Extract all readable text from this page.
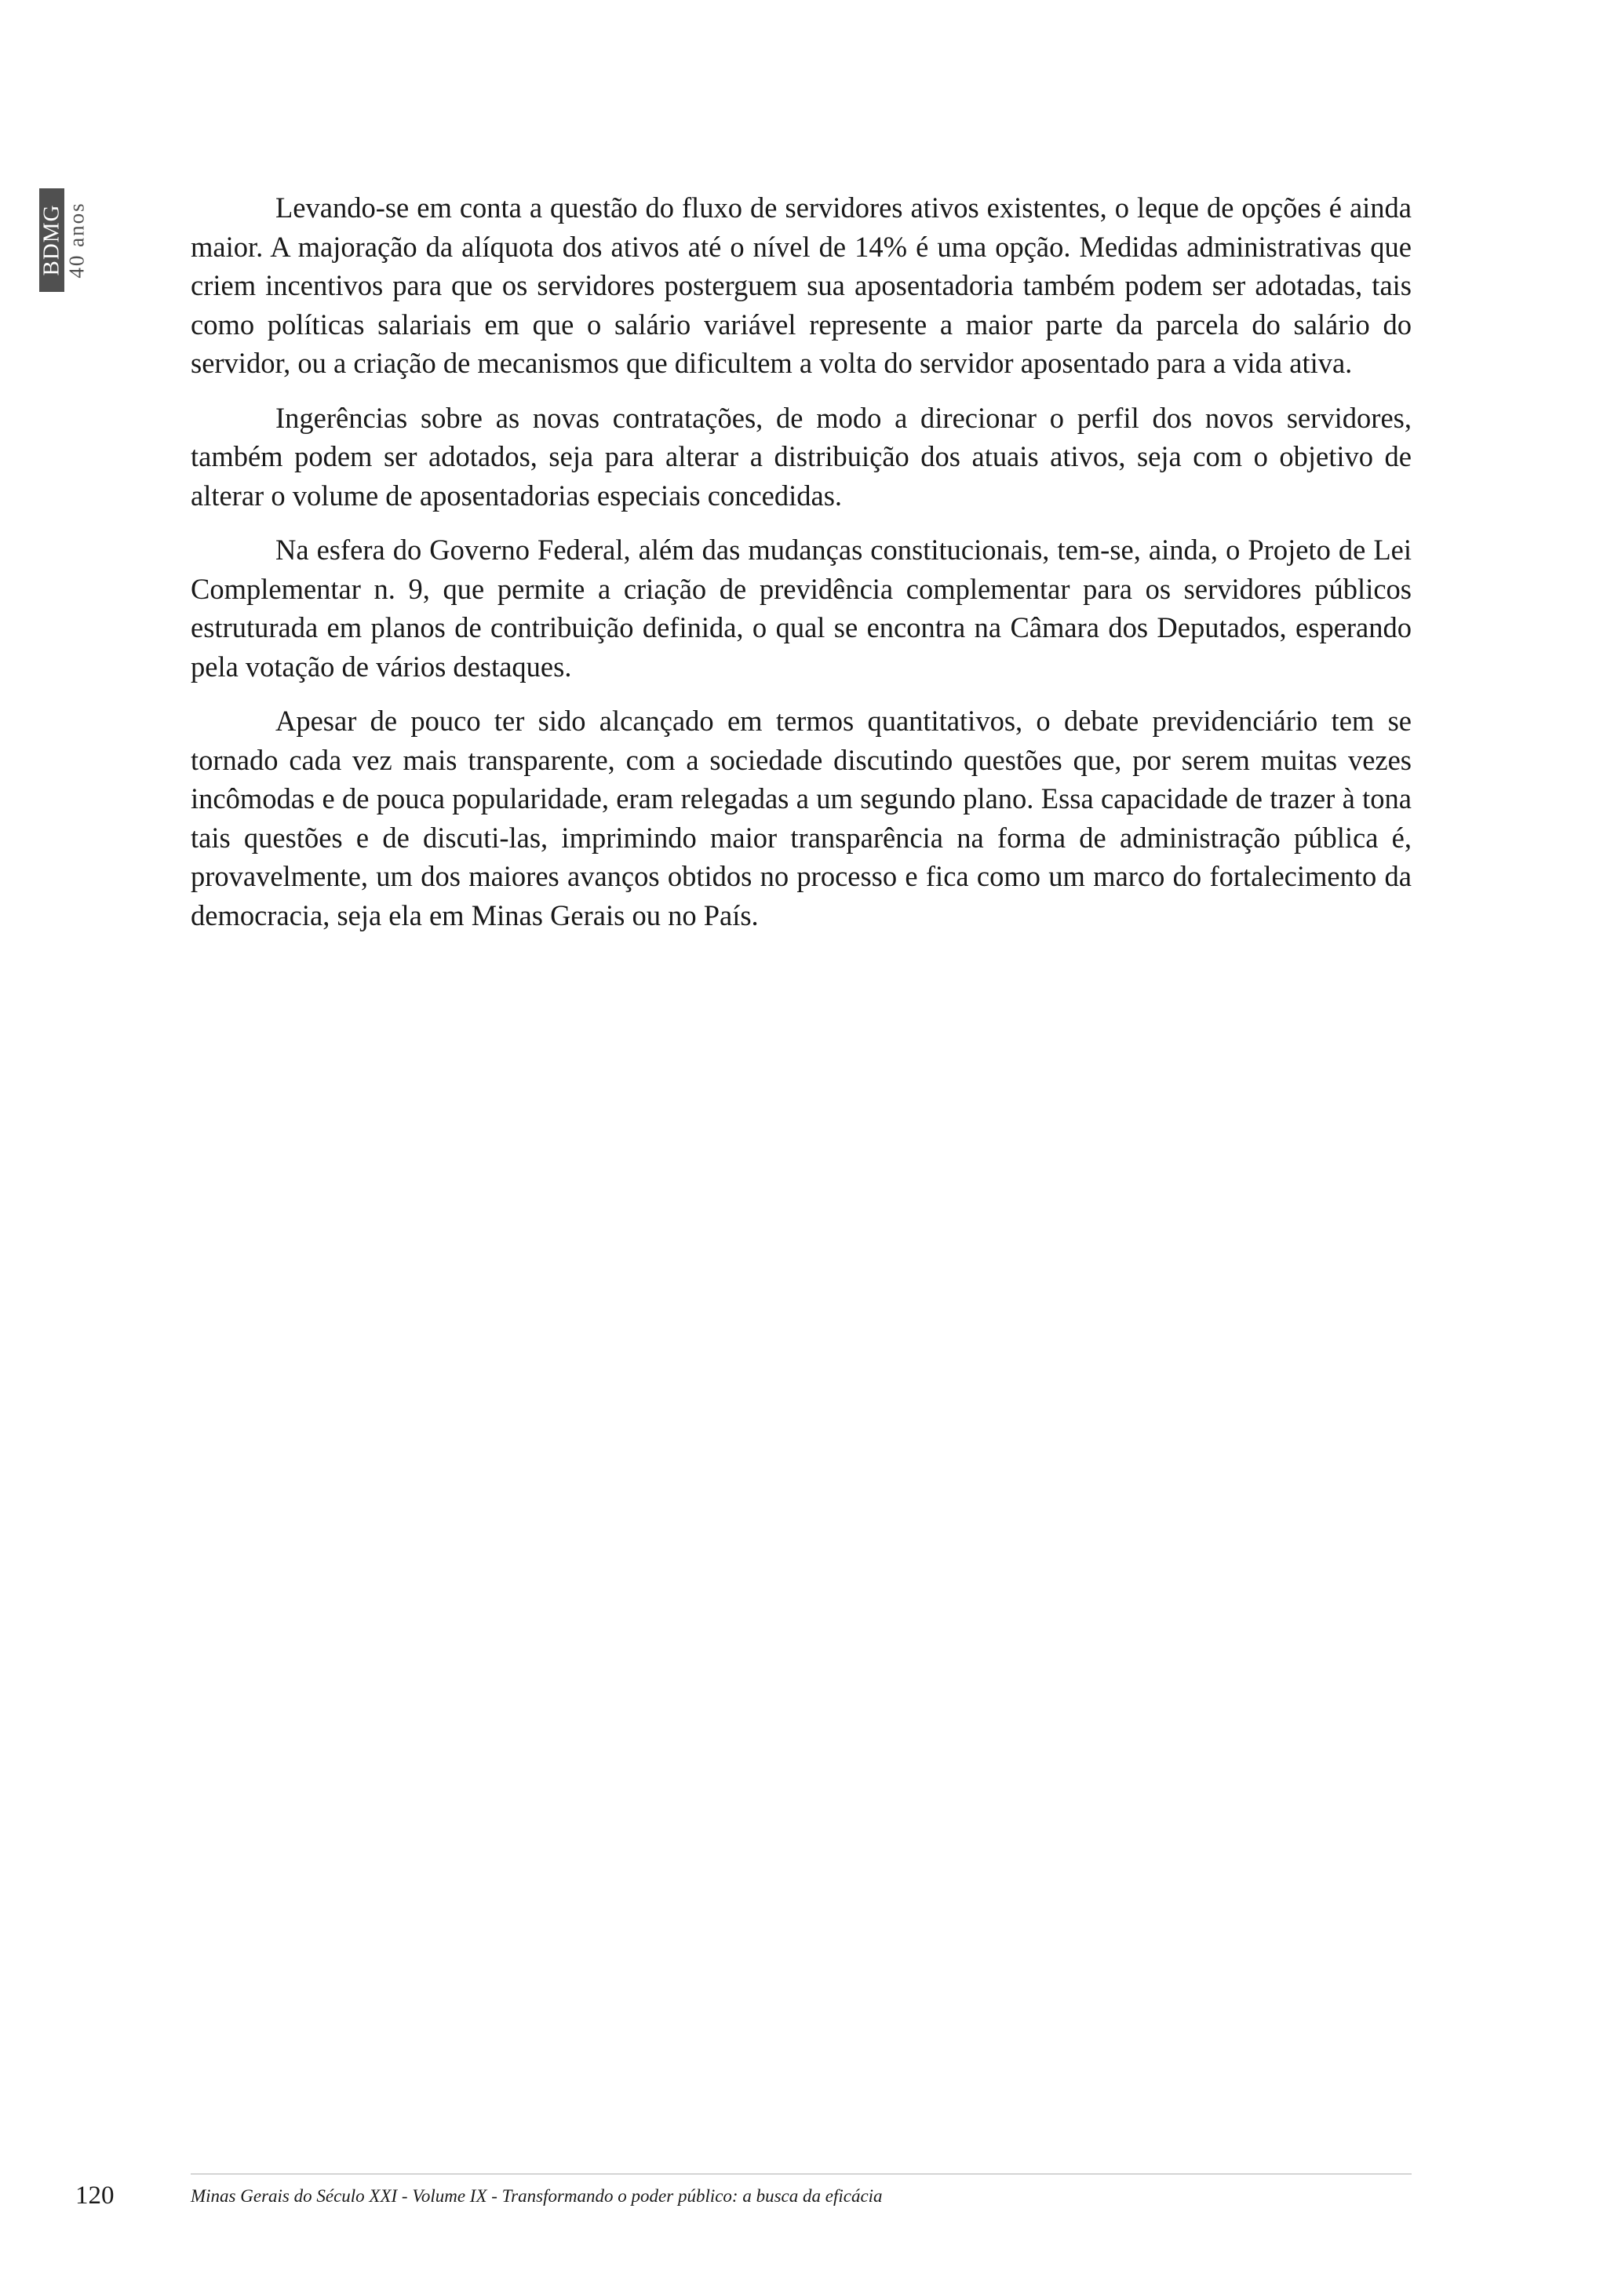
BDMG 40 anos	Levando-se em conta a questão do fluxo de servidores ativos existentes, o leque de opções é ainda maior. A majoração da alíquota dos ativos até o nível de 14% é uma opção. Medidas administrativas que criem incentivos para que os servidores posterguem sua aposentadoria também podem ser adotadas, tais como políticas salariais em que o salário variável represente a maior parte da parcela do salário do servidor, ou a criação de mecanismos que dificultem a volta do servidor aposentado para a vida ativa.

Ingerências sobre as novas contratações, de modo a direcionar o perfil dos novos servidores, também podem ser adotados, seja para alterar a distribuição dos atuais ativos, seja com o objetivo de alterar o volume de aposentadorias especiais concedidas.

Na esfera do Governo Federal, além das mudanças constitucionais, tem-se, ainda, o Projeto de Lei Complementar n. 9, que permite a criação de previdência complementar para os servidores públicos estruturada em planos de contribuição definida, o qual se encontra na Câmara dos Deputados, esperando pela votação de vários destaques.

Apesar de pouco ter sido alcançado em termos quantitativos, o debate previdenciário tem se tornado cada vez mais transparente, com a sociedade discutindo questões que, por serem muitas vezes incômodas e de pouca popularidade, eram relegadas a um segundo plano. Essa capacidade de trazer à tona tais questões e de discuti-las, imprimindo maior transparência na forma de administração pública é, provavelmente, um dos maiores avanços obtidos no processo e fica como um marco do fortalecimento da democracia, seja ela em Minas Gerais ou no País.

120	Minas Gerais do Século XXI - Volume IX - Transformando o poder público: a busca da eficácia
